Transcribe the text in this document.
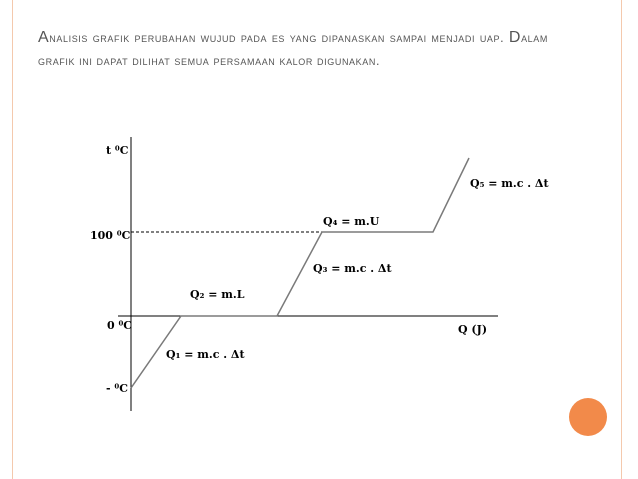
Analisis grafik perubahan wujud pada es yang dipanaskan sampai menjadi uap. Dalam grafik ini dapat dilihat semua persamaan kalor digunakan.
t ⁰C
Q (J)
100 ⁰C
0 ⁰C
- ⁰C
Q₁ = m.c . Δt
Q₂ = m.L
Q₃ = m.c . Δt
Q₄ = m.U
Q₅ = m.c . Δt
